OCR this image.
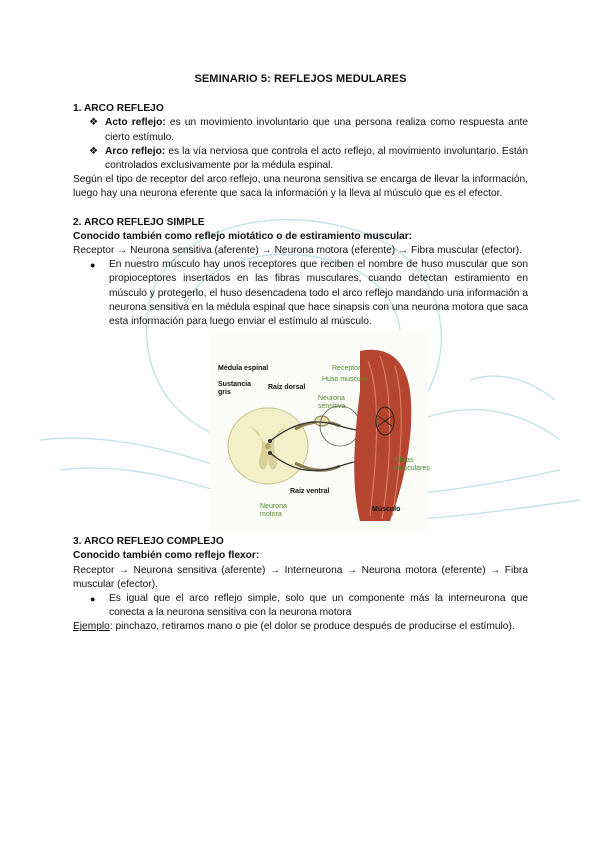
SEMINARIO 5: REFLEJOS MEDULARES
1. ARCO REFLEJO
❖ Acto reflejo: es un movimiento involuntario que una persona realiza como respuesta ante cierto estímulo.
❖ Arco reflejo: es la vía nerviosa que controla el acto reflejo, al movimiento involuntario. Están controlados exclusivamente por la médula espinal.

Según el tipo de receptor del arco reflejo, una neurona sensitiva se encarga de llevar la información, luego hay una neurona eferente que saca la información y la lleva al músculo que es el efector.

2. ARCO REFLEJO SIMPLE
Conocido también como reflejo miotático o de estiramiento muscular:

Receptor → Neurona sensitiva (aferente) → Neurona motora (eferente) → Fibra muscular (efector).

● En nuestro músculo hay unos receptores que reciben el nombre de huso muscular que son propioceptores insertados en las fibras musculares, cuando detectan estiramiento en músculo y protegerlo, el huso desencadena todo el arco reflejo mandando una información a neurona sensitiva en la médula espinal que hace sinapsis con una neurona motora que saca esta información para luego enviar el estímulo al músculo.
Médula espinal
Sustancia gris
Raíz dorsal
Receptor:
Huso muscular
Neurona sensitiva
Fibras musculares
Raíz ventral
Neurona motora
Músculo
3. ARCO REFLEJO COMPLEJO
Conocido también como reflejo flexor:

Receptor → Neurona sensitiva (aferente) → Interneurona → Neurona motora (eferente) → Fibra muscular (efector).

● Es igual que el arco reflejo simple, solo que un componente más la interneurona que conecta a la neurona sensitiva con la neurona motora

Ejemplo: pinchazo, retiramos mano o pie (el dolor se produce después de producirse el estímulo).
